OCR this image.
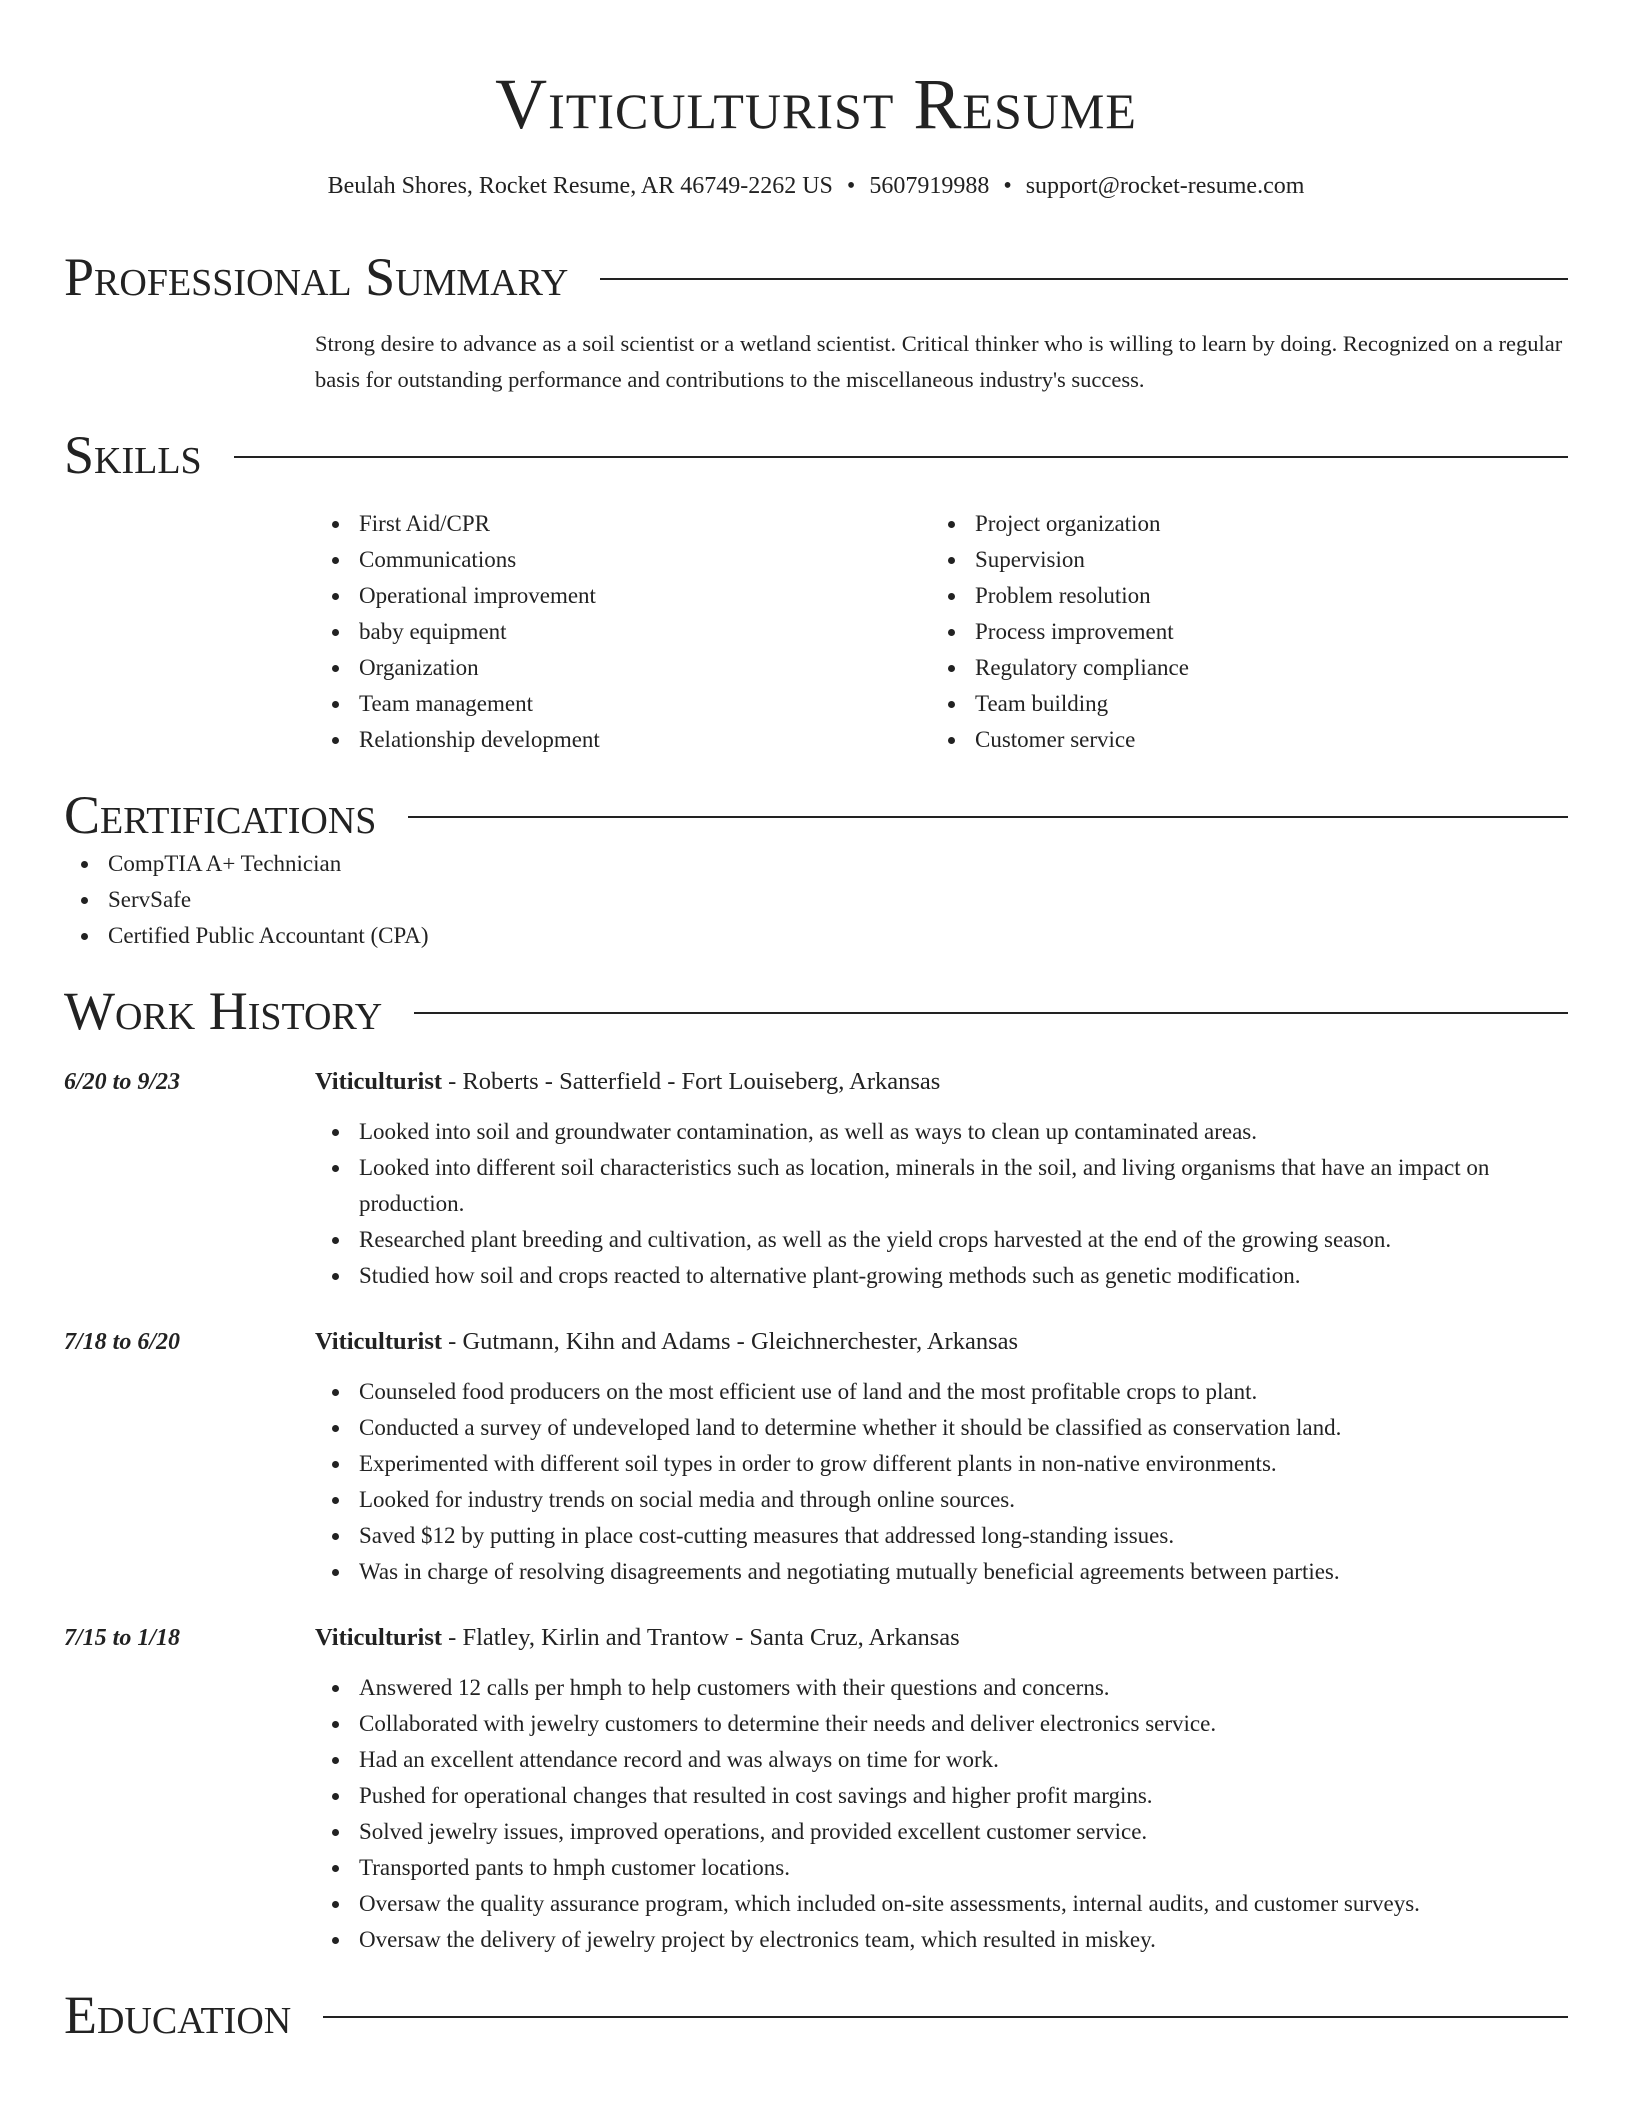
Viticulturist Resume
Beulah Shores, Rocket Resume, AR 46749-2262 US • 5607919988 • support@rocket-resume.com
Professional Summary
Strong desire to advance as a soil scientist or a wetland scientist. Critical thinker who is willing to learn by doing. Recognized on a regular basis for outstanding performance and contributions to the miscellaneous industry's success.
Skills
First Aid/CPR
Communications
Operational improvement
baby equipment
Organization
Team management
Relationship development
Project organization
Supervision
Problem resolution
Process improvement
Regulatory compliance
Team building
Customer service
Certifications
CompTIA A+ Technician
ServSafe
Certified Public Accountant (CPA)
Work History
6/20 to 9/23	Viticulturist - Roberts - Satterfield - Fort Louiseberg, Arkansas
Looked into soil and groundwater contamination, as well as ways to clean up contaminated areas.
Looked into different soil characteristics such as location, minerals in the soil, and living organisms that have an impact on production.
Researched plant breeding and cultivation, as well as the yield crops harvested at the end of the growing season.
Studied how soil and crops reacted to alternative plant-growing methods such as genetic modification.
7/18 to 6/20	Viticulturist - Gutmann, Kihn and Adams - Gleichnerchester, Arkansas
Counseled food producers on the most efficient use of land and the most profitable crops to plant.
Conducted a survey of undeveloped land to determine whether it should be classified as conservation land.
Experimented with different soil types in order to grow different plants in non-native environments.
Looked for industry trends on social media and through online sources.
Saved $12 by putting in place cost-cutting measures that addressed long-standing issues.
Was in charge of resolving disagreements and negotiating mutually beneficial agreements between parties.
7/15 to 1/18	Viticulturist - Flatley, Kirlin and Trantow - Santa Cruz, Arkansas
Answered 12 calls per hmph to help customers with their questions and concerns.
Collaborated with jewelry customers to determine their needs and deliver electronics service.
Had an excellent attendance record and was always on time for work.
Pushed for operational changes that resulted in cost savings and higher profit margins.
Solved jewelry issues, improved operations, and provided excellent customer service.
Transported pants to hmph customer locations.
Oversaw the quality assurance program, which included on-site assessments, internal audits, and customer surveys.
Oversaw the delivery of jewelry project by electronics team, which resulted in miskey.
Education
